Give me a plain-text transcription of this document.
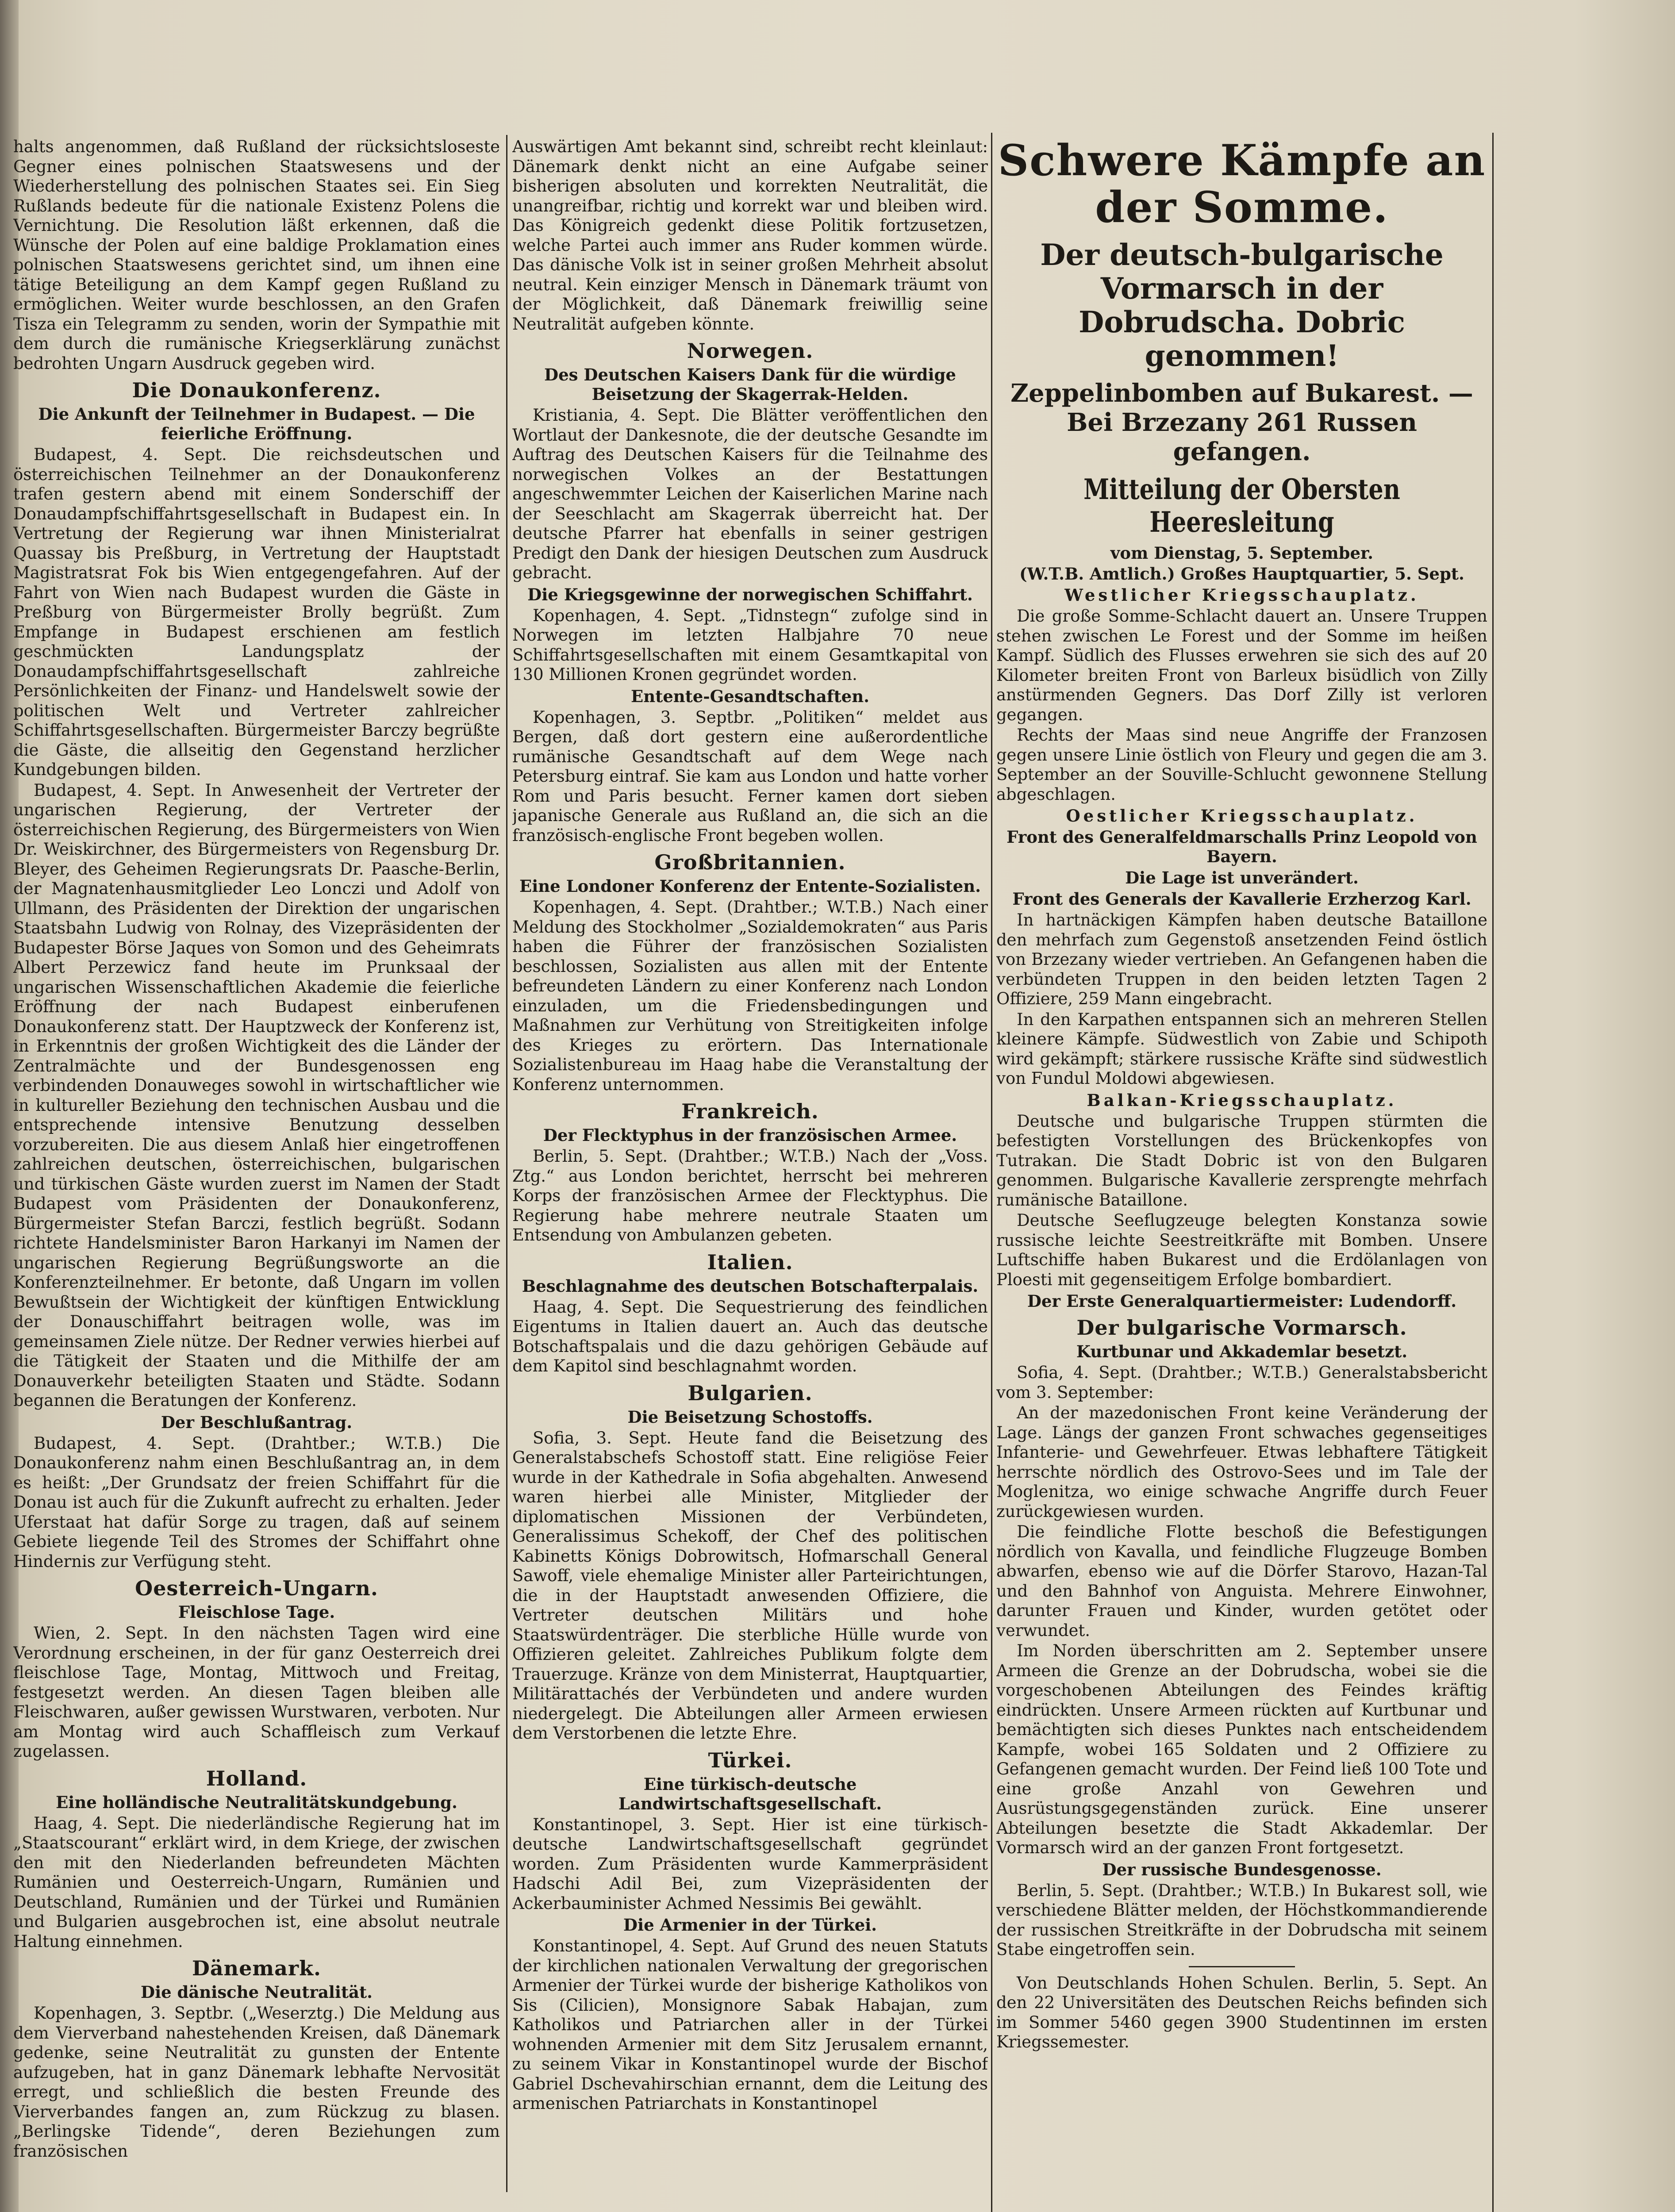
halts angenommen, daß Rußland der rücksichtsloseste Gegner eines polnischen Staatswesens und der Wiederherstellung des polnischen Staates sei. Ein Sieg Rußlands bedeute für die nationale Existenz Polens die Vernichtung. Die Resolution läßt erkennen, daß die Wünsche der Polen auf eine baldige Proklamation eines polnischen Staatswesens gerichtet sind, um ihnen eine tätige Beteiligung an dem Kampf gegen Rußland zu ermöglichen. Weiter wurde beschlossen, an den Grafen Tisza ein Telegramm zu senden, worin der Sympathie mit dem durch die rumänische Kriegserklärung zunächst bedrohten Ungarn Ausdruck gegeben wird.

Die Donaukonferenz.
Die Ankunft der Teilnehmer in Budapest. — Die feierliche Eröffnung.

Budapest, 4. Sept. Die reichsdeutschen und österreichischen Teilnehmer an der Donaukonferenz trafen gestern abend mit einem Sonderschiff der Donaudampfschiffahrtsgesellschaft in Budapest ein. In Vertretung der Regierung war ihnen Ministerialrat Quassay bis Preßburg, in Vertretung der Hauptstadt Magistratsrat Fok bis Wien entgegengefahren. Auf der Fahrt von Wien nach Budapest wurden die Gäste in Preßburg von Bürgermeister Brolly begrüßt. Zum Empfange in Budapest erschienen am festlich geschmückten Landungsplatz der Donaudampfschiffahrtsgesellschaft zahlreiche Persönlichkeiten der Finanz- und Handelswelt sowie der politischen Welt und Vertreter zahlreicher Schiffahrtsgesellschaften. Bürgermeister Barczy begrüßte die Gäste, die allseitig den Gegenstand herzlicher Kundgebungen bilden.

Budapest, 4. Sept. In Anwesenheit der Vertreter der ungarischen Regierung, der Vertreter der österreichischen Regierung, des Bürgermeisters von Wien Dr. Weiskirchner, des Bürgermeisters von Regensburg Dr. Bleyer, des Geheimen Regierungsrats Dr. Paasche-Berlin, der Magnatenhausmitglieder Leo Lonczi und Adolf von Ullmann, des Präsidenten der Direktion der ungarischen Staatsbahn Ludwig von Rolnay, des Vizepräsidenten der Budapester Börse Jaques von Somon und des Geheimrats Albert Perzewicz fand heute im Prunksaal der ungarischen Wissenschaftlichen Akademie die feierliche Eröffnung der nach Budapest einberufenen Donaukonferenz statt. Der Hauptzweck der Konferenz ist, in Erkenntnis der großen Wichtigkeit des die Länder der Zentralmächte und der Bundesgenossen eng verbindenden Donauweges sowohl in wirtschaftlicher wie in kultureller Beziehung den technischen Ausbau und die entsprechende intensive Benutzung desselben vorzubereiten. Die aus diesem Anlaß hier eingetroffenen zahlreichen deutschen, österreichischen, bulgarischen und türkischen Gäste wurden zuerst im Namen der Stadt Budapest vom Präsidenten der Donaukonferenz, Bürgermeister Stefan Barczi, festlich begrüßt. Sodann richtete Handelsminister Baron Harkanyi im Namen der ungarischen Regierung Begrüßungsworte an die Konferenzteilnehmer. Er betonte, daß Ungarn im vollen Bewußtsein der Wichtigkeit der künftigen Entwicklung der Donauschiffahrt beitragen wolle, was im gemeinsamen Ziele nütze. Der Redner verwies hierbei auf die Tätigkeit der Staaten und die Mithilfe der am Donauverkehr beteiligten Staaten und Städte. Sodann begannen die Beratungen der Konferenz.

Der Beschlußantrag.

Budapest, 4. Sept. (Drahtber.; W.T.B.) Die Donaukonferenz nahm einen Beschlußantrag an, in dem es heißt: „Der Grundsatz der freien Schiffahrt für die Donau ist auch für die Zukunft aufrecht zu erhalten. Jeder Uferstaat hat dafür Sorge zu tragen, daß auf seinem Gebiete liegende Teil des Stromes der Schiffahrt ohne Hindernis zur Verfügung steht.

Oesterreich-Ungarn.
Fleischlose Tage.

Wien, 2. Sept. In den nächsten Tagen wird eine Verordnung erscheinen, in der für ganz Oesterreich drei fleischlose Tage, Montag, Mittwoch und Freitag, festgesetzt werden. An diesen Tagen bleiben alle Fleischwaren, außer gewissen Wurstwaren, verboten. Nur am Montag wird auch Schaffleisch zum Verkauf zugelassen.

Holland.
Eine holländische Neutralitätskundgebung.

Haag, 4. Sept. Die niederländische Regierung hat im „Staatscourant“ erklärt wird, in dem Kriege, der zwischen den mit den Niederlanden befreundeten Mächten Rumänien und Oesterreich-Ungarn, Rumänien und Deutschland, Rumänien und der Türkei und Rumänien und Bulgarien ausgebrochen ist, eine absolut neutrale Haltung einnehmen.

Dänemark.
Die dänische Neutralität.

Kopenhagen, 3. Septbr. („Weserztg.) Die Meldung aus dem Vierverband nahestehenden Kreisen, daß Dänemark gedenke, seine Neutralität zu gunsten der Entente aufzugeben, hat in ganz Dänemark lebhafte Nervosität erregt, und schließlich die besten Freunde des Vierverbandes fangen an, zum Rückzug zu blasen. „Berlingske Tidende“, deren Beziehungen zum französischen

Auswärtigen Amt bekannt sind, schreibt recht kleinlaut: Dänemark denkt nicht an eine Aufgabe seiner bisherigen absoluten und korrekten Neutralität, die unangreifbar, richtig und korrekt war und bleiben wird. Das Königreich gedenkt diese Politik fortzusetzen, welche Partei auch immer ans Ruder kommen würde. Das dänische Volk ist in seiner großen Mehrheit absolut neutral. Kein einziger Mensch in Dänemark träumt von der Möglichkeit, daß Dänemark freiwillig seine Neutralität aufgeben könnte.

Norwegen.
Des Deutschen Kaisers Dank für die würdige Beisetzung der Skagerrak-Helden.

Kristiania, 4. Sept. Die Blätter veröffentlichen den Wortlaut der Dankesnote, die der deutsche Gesandte im Auftrag des Deutschen Kaisers für die Teilnahme des norwegischen Volkes an der Bestattungen angeschwemmter Leichen der Kaiserlichen Marine nach der Seeschlacht am Skagerrak überreicht hat. Der deutsche Pfarrer hat ebenfalls in seiner gestrigen Predigt den Dank der hiesigen Deutschen zum Ausdruck gebracht.

Die Kriegsgewinne der norwegischen Schiffahrt.

Kopenhagen, 4. Sept. „Tidnstegn“ zufolge sind in Norwegen im letzten Halbjahre 70 neue Schiffahrtsgesellschaften mit einem Gesamtkapital von 130 Millionen Kronen gegründet worden.

Entente-Gesandtschaften.

Kopenhagen, 3. Septbr. „Politiken“ meldet aus Bergen, daß dort gestern eine außerordentliche rumänische Gesandtschaft auf dem Wege nach Petersburg eintraf. Sie kam aus London und hatte vorher Rom und Paris besucht. Ferner kamen dort sieben japanische Generale aus Rußland an, die sich an die französisch-englische Front begeben wollen.

Großbritannien.
Eine Londoner Konferenz der Entente-Sozialisten.

Kopenhagen, 4. Sept. (Drahtber.; W.T.B.) Nach einer Meldung des Stockholmer „Sozialdemokraten“ aus Paris haben die Führer der französischen Sozialisten beschlossen, Sozialisten aus allen mit der Entente befreundeten Ländern zu einer Konferenz nach London einzuladen, um die Friedensbedingungen und Maßnahmen zur Verhütung von Streitigkeiten infolge des Krieges zu erörtern. Das Internationale Sozialistenbureau im Haag habe die Veranstaltung der Konferenz unternommen.

Frankreich.
Der Flecktyphus in der französischen Armee.

Berlin, 5. Sept. (Drahtber.; W.T.B.) Nach der „Voss. Ztg.“ aus London berichtet, herrscht bei mehreren Korps der französischen Armee der Flecktyphus. Die Regierung habe mehrere neutrale Staaten um Entsendung von Ambulanzen gebeten.

Italien.
Beschlagnahme des deutschen Botschafterpalais.

Haag, 4. Sept. Die Sequestrierung des feindlichen Eigentums in Italien dauert an. Auch das deutsche Botschaftspalais und die dazu gehörigen Gebäude auf dem Kapitol sind beschlagnahmt worden.

Bulgarien.
Die Beisetzung Schostoffs.

Sofia, 3. Sept. Heute fand die Beisetzung des Generalstabschefs Schostoff statt. Eine religiöse Feier wurde in der Kathedrale in Sofia abgehalten. Anwesend waren hierbei alle Minister, Mitglieder der diplomatischen Missionen der Verbündeten, Generalissimus Schekoff, der Chef des politischen Kabinetts Königs Dobrowitsch, Hofmarschall General Sawoff, viele ehemalige Minister aller Parteirichtungen, die in der Hauptstadt anwesenden Offiziere, die Vertreter deutschen Militärs und hohe Staatswürdenträger. Die sterbliche Hülle wurde von Offizieren geleitet. Zahlreiches Publikum folgte dem Trauerzuge. Kränze von dem Ministerrat, Hauptquartier, Militärattachés der Verbündeten und andere wurden niedergelegt. Die Abteilungen aller Armeen erwiesen dem Verstorbenen die letzte Ehre.

Türkei.
Eine türkisch-deutsche Landwirtschaftsgesellschaft.

Konstantinopel, 3. Sept. Hier ist eine türkisch-deutsche Landwirtschaftsgesellschaft gegründet worden. Zum Präsidenten wurde Kammerpräsident Hadschi Adil Bei, zum Vizepräsidenten der Ackerbauminister Achmed Nessimis Bei gewählt.

Die Armenier in der Türkei.

Konstantinopel, 4. Sept. Auf Grund des neuen Statuts der kirchlichen nationalen Verwaltung der gregorischen Armenier der Türkei wurde der bisherige Katholikos von Sis (Cilicien), Monsignore Sabak Habajan, zum Katholikos und Patriarchen aller in der Türkei wohnenden Armenier mit dem Sitz Jerusalem ernannt, zu seinem Vikar in Konstantinopel wurde der Bischof Gabriel Dschevahirschian ernannt, dem die Leitung des armenischen Patriarchats in Konstantinopel

Schwere Kämpfe an der Somme.
Der deutsch-bulgarische Vormarsch in der Dobrudscha. Dobric genommen!
Zeppelinbomben auf Bukarest. — Bei Brzezany 261 Russen gefangen.
Mitteilung der Obersten Heeresleitung
vom Dienstag, 5. September.
(W.T.B. Amtlich.) Großes Hauptquartier, 5. Sept.
Westlicher Kriegsschauplatz.

Die große Somme-Schlacht dauert an. Unsere Truppen stehen zwischen Le Forest und der Somme im heißen Kampf. Südlich des Flusses erwehren sie sich des auf 20 Kilometer breiten Front von Barleux bisüdlich von Zilly anstürmenden Gegners. Das Dorf Zilly ist verloren gegangen.

Rechts der Maas sind neue Angriffe der Franzosen gegen unsere Linie östlich von Fleury und gegen die am 3. September an der Souville-Schlucht gewonnene Stellung abgeschlagen.

Oestlicher Kriegsschauplatz.
Front des Generalfeldmarschalls Prinz Leopold von Bayern.
Die Lage ist unverändert.
Front des Generals der Kavallerie Erzherzog Karl.

In hartnäckigen Kämpfen haben deutsche Bataillone den mehrfach zum Gegenstoß ansetzenden Feind östlich von Brzezany wieder vertrieben. An Gefangenen haben die verbündeten Truppen in den beiden letzten Tagen 2 Offiziere, 259 Mann eingebracht.

In den Karpathen entspannen sich an mehreren Stellen kleinere Kämpfe. Südwestlich von Zabie und Schipoth wird gekämpft; stärkere russische Kräfte sind südwestlich von Fundul Moldowi abgewiesen.

Balkan-Kriegsschauplatz.

Deutsche und bulgarische Truppen stürmten die befestigten Vorstellungen des Brückenkopfes von Tutrakan. Die Stadt Dobric ist von den Bulgaren genommen. Bulgarische Kavallerie zersprengte mehrfach rumänische Bataillone.

Deutsche Seeflugzeuge belegten Konstanza sowie russische leichte Seestreitkräfte mit Bomben. Unsere Luftschiffe haben Bukarest und die Erdölanlagen von Ploesti mit gegenseitigem Erfolge bombardiert.

Der Erste Generalquartiermeister: Ludendorff.
Der bulgarische Vormarsch.
Kurtbunar und Akkademlar besetzt.

Sofia, 4. Sept. (Drahtber.; W.T.B.) Generalstabsbericht vom 3. September:

An der mazedonischen Front keine Veränderung der Lage. Längs der ganzen Front schwaches gegenseitiges Infanterie- und Gewehrfeuer. Etwas lebhaftere Tätigkeit herrschte nördlich des Ostrovo-Sees und im Tale der Moglenitza, wo einige schwache Angriffe durch Feuer zurückgewiesen wurden.

Die feindliche Flotte beschoß die Befestigungen nördlich von Kavalla, und feindliche Flugzeuge Bomben abwarfen, ebenso wie auf die Dörfer Starovo, Hazan-Tal und den Bahnhof von Anguista. Mehrere Einwohner, darunter Frauen und Kinder, wurden getötet oder verwundet.

Im Norden überschritten am 2. September unsere Armeen die Grenze an der Dobrudscha, wobei sie die vorgeschobenen Abteilungen des Feindes kräftig eindrückten. Unsere Armeen rückten auf Kurtbunar und bemächtigten sich dieses Punktes nach entscheidendem Kampfe, wobei 165 Soldaten und 2 Offiziere zu Gefangenen gemacht wurden. Der Feind ließ 100 Tote und eine große Anzahl von Gewehren und Ausrüstungsgegenständen zurück. Eine unserer Abteilungen besetzte die Stadt Akkademlar. Der Vormarsch wird an der ganzen Front fortgesetzt.

Der russische Bundesgenosse.

Berlin, 5. Sept. (Drahtber.; W.T.B.) In Bukarest soll, wie verschiedene Blätter melden, der Höchstkommandierende der russischen Streitkräfte in der Dobrudscha mit seinem Stabe eingetroffen sein.

Von Deutschlands Hohen Schulen. Berlin, 5. Sept. An den 22 Universitäten des Deutschen Reichs befinden sich im Sommer 5460 gegen 3900 Studentinnen im ersten Kriegssemester.
